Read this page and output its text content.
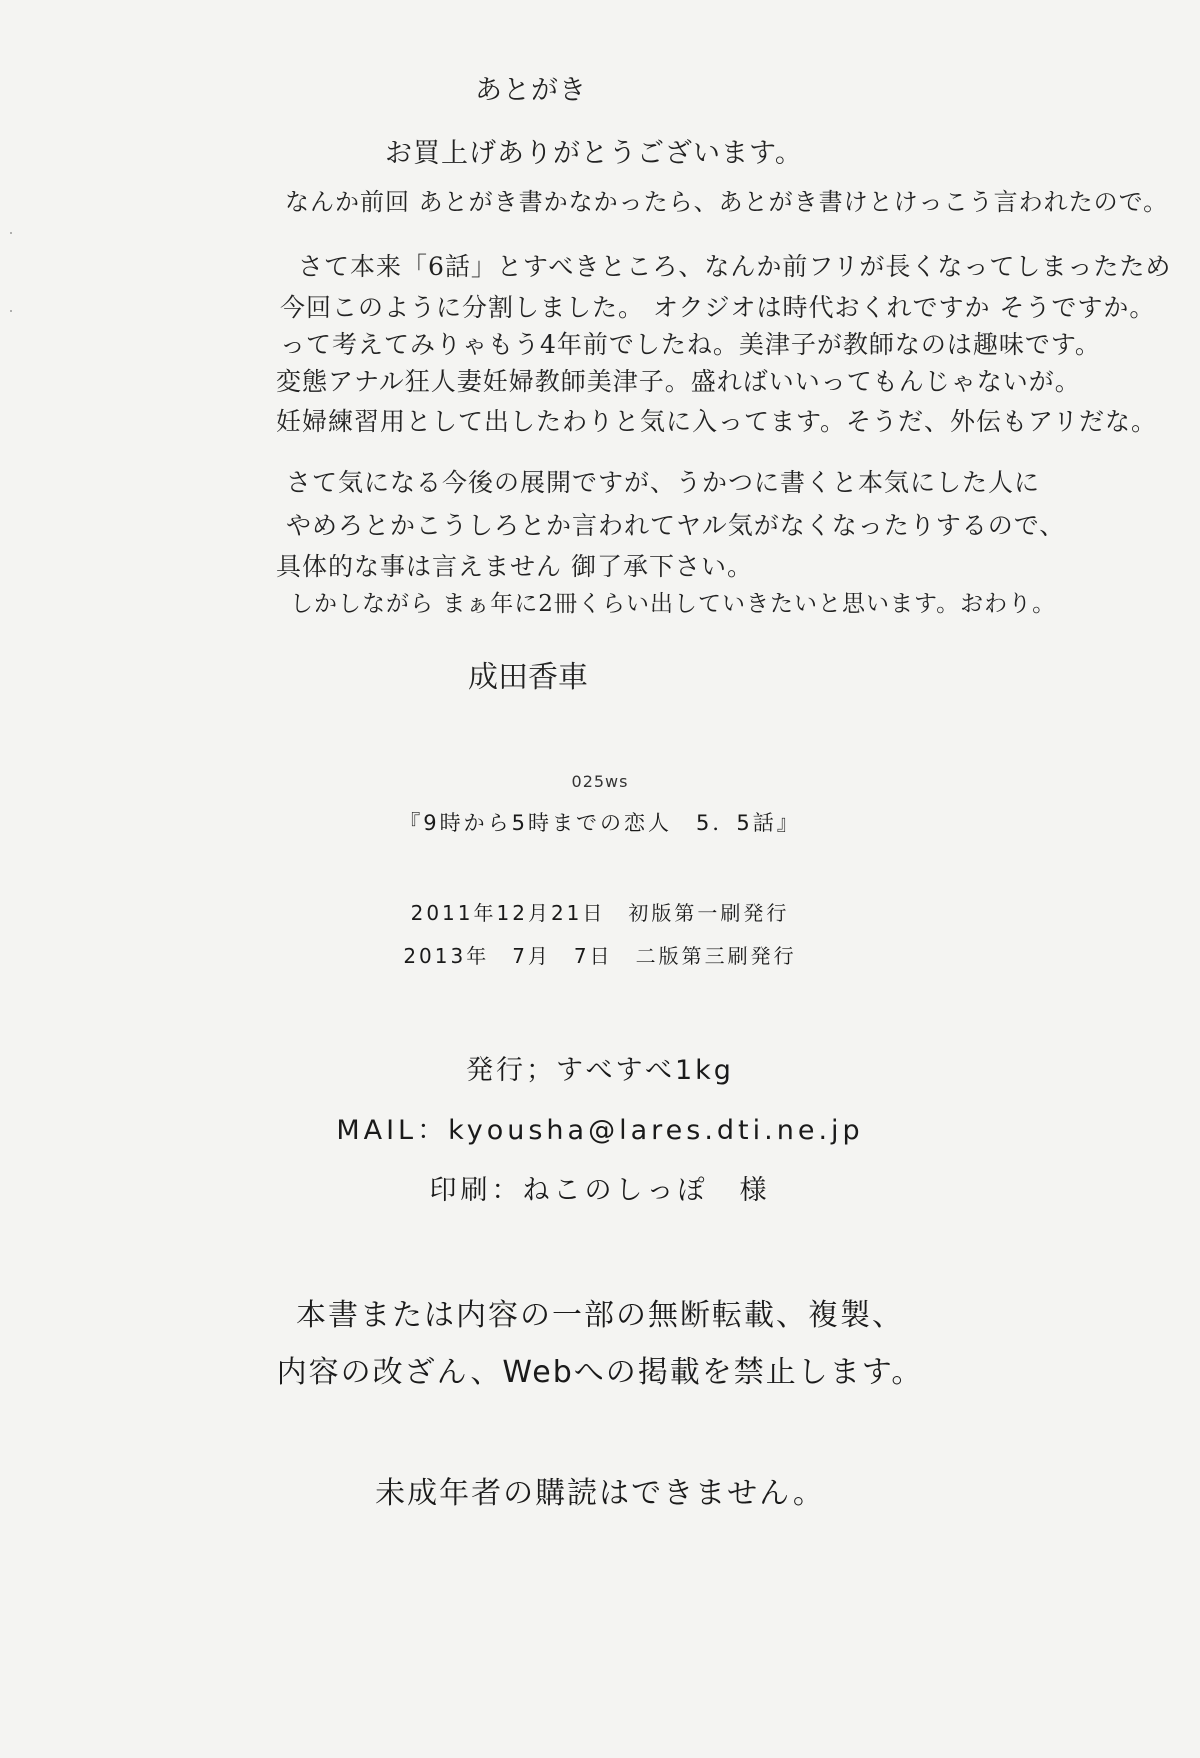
あとがき
お買上げありがとうございます。
なんか前回 あとがき書かなかったら、あとがき書けとけっこう言われたので。
さて本来「6話」とすべきところ、なんか前フリが長くなってしまったため
今回このように分割しました。 オクジオは時代おくれですか そうですか。
って考えてみりゃもう4年前でしたね。美津子が教師なのは趣味です。
変態アナル狂人妻妊婦教師美津子。盛ればいいってもんじゃないが。
妊婦練習用として出したわりと気に入ってます。そうだ、外伝もアリだな。
さて気になる今後の展開ですが、うかつに書くと本気にした人に
やめろとかこうしろとか言われてヤル気がなくなったりするので、
具体的な事は言えません 御了承下さい。
しかしながら まぁ年に2冊くらい出していきたいと思います。おわり。
成田香車
025ws
『9時から5時までの恋人　5．5話』
2011年12月21日　初版第一刷発行
2013年　7月　7日　二版第三刷発行
発行；すべすべ1kg
MAIL：kyousha@lares.dti.ne.jp
印刷：ねこのしっぽ　様
本書または内容の一部の無断転載、複製、
内容の改ざん、Webへの掲載を禁止します。
未成年者の購読はできません。
